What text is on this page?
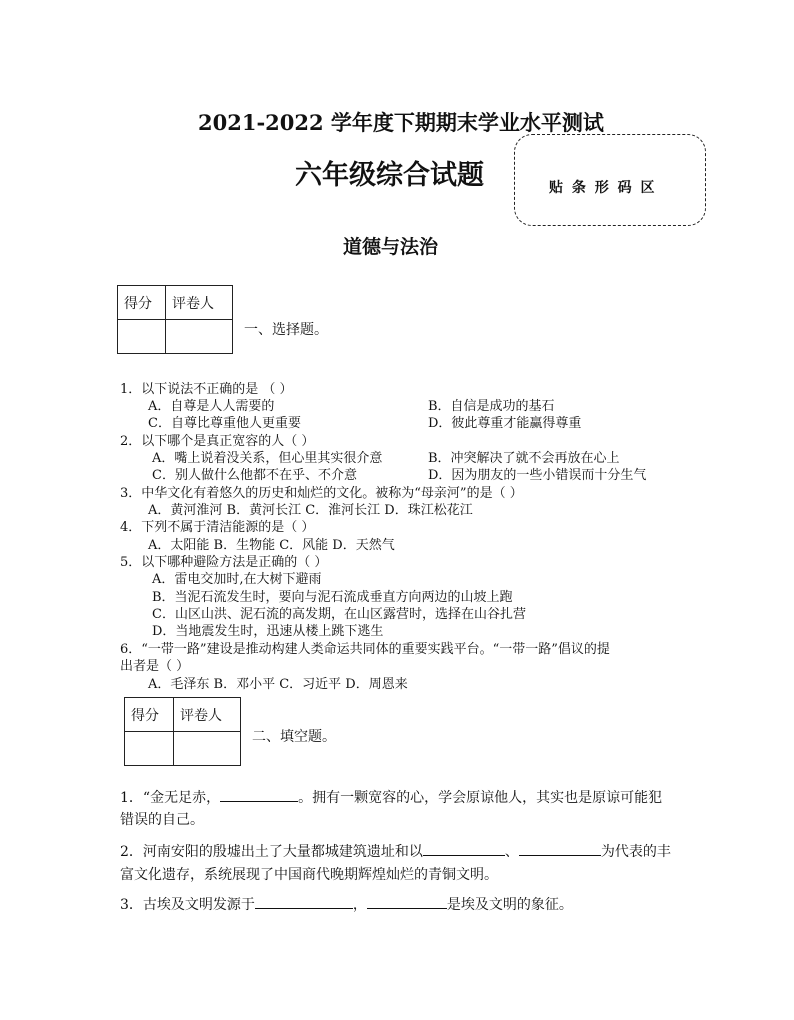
2021-2022 学年度下期期末学业水平测试
六年级综合试题	贴 条 形 码 区
道德与法治
得分	评卷人

一、选择题。
1．以下说法不正确的是 （ ）
A．自尊是人人需要的	B．自信是成功的基石
C．自尊比尊重他人更重要	D．彼此尊重才能赢得尊重
2．以下哪个是真正宽容的人（ ）
A．嘴上说着没关系，但心里其实很介意	B．冲突解决了就不会再放在心上
C．别人做什么他都不在乎、不介意	D．因为朋友的一些小错误而十分生气
3．中华文化有着悠久的历史和灿烂的文化。被称为“母亲河”的是（ ）
A．黄河淮河 B．黄河长江 C．淮河长江 D．珠江松花江
4．下列不属于清洁能源的是（ ）
A．太阳能 B．生物能 C．风能 D．天然气
5．以下哪种避险方法是正确的（ ）
A．雷电交加时,在大树下避雨
B．当泥石流发生时，要向与泥石流成垂直方向两边的山坡上跑
C．山区山洪、泥石流的高发期，在山区露营时，选择在山谷扎营
D．当地震发生时，迅速从楼上跳下逃生
6．“一带一路”建设是推动构建人类命运共同体的重要实践平台。“一带一路”倡议的提
出者是（ ）
A．毛泽东 B．邓小平 C．习近平 D．周恩来
得分	评卷人

二、填空题。
1．“金无足赤，	。拥有一颗宽容的心，学会原谅他人，其实也是原谅可能犯
错误的自己。
2．河南安阳的殷墟出土了大量都城建筑遗址和以	、	为代表的丰
富文化遗存，系统展现了中国商代晚期辉煌灿烂的青铜文明。
3．古埃及文明发源于	，	是埃及文明的象征。
